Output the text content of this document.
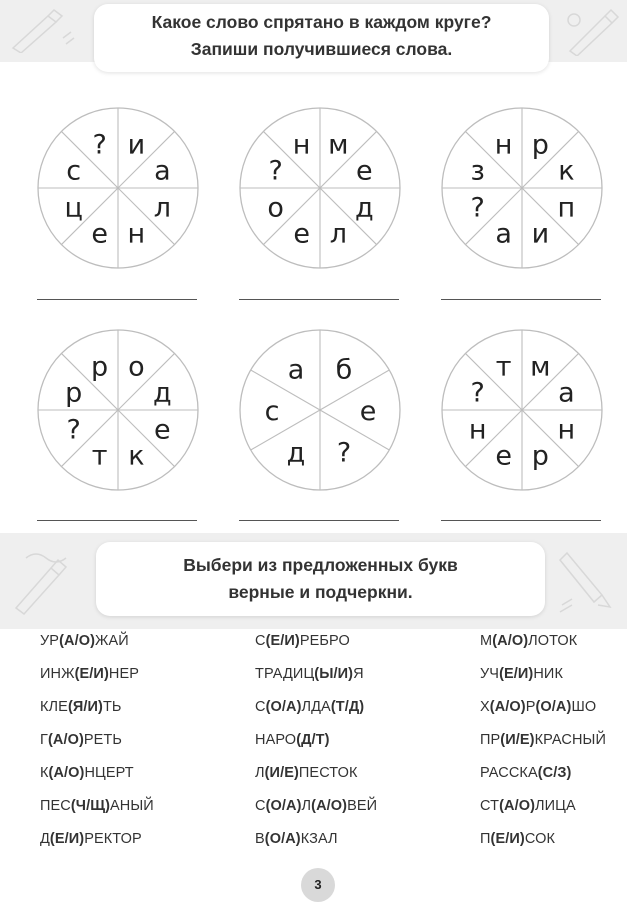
Какое слово спрятано в каждом круге?
Запиши получившиеся слова.
л
н
е
ц
с
? и
а
д
л
е
о
?
н м
е
п
и
а
?
з
н р
к
е
к
т
?
р
р о
д
б
е
?
д
с
а
н
р
е
н
?
т м
а
Выбери из предложенных букв
верные и подчеркни.
УР(А/О)ЖАЙ	С(Е/И)РЕБРО	М(А/О)ЛОТОК
ИНЖ(Е/И)НЕР	ТРАДИЦ(Ы/И)Я	УЧ(Е/И)НИК
КЛЕ(Я/И)ТЬ	С(О/А)ЛДА(Т/Д)	Х(А/О)Р(О/А)ШО
Г(А/О)РЕТЬ	НАРО(Д/Т)	ПР(И/Е)КРАСНЫЙ
К(А/О)НЦЕРТ	Л(И/Е)ПЕСТОК	РАССКА(С/З)
ПЕС(Ч/Щ)АНЫЙ	С(О/А)Л(А/О)ВЕЙ	СТ(А/О)ЛИЦА
Д(Е/И)РЕКТОР	В(О/А)КЗАЛ	П(Е/И)СОК
3
